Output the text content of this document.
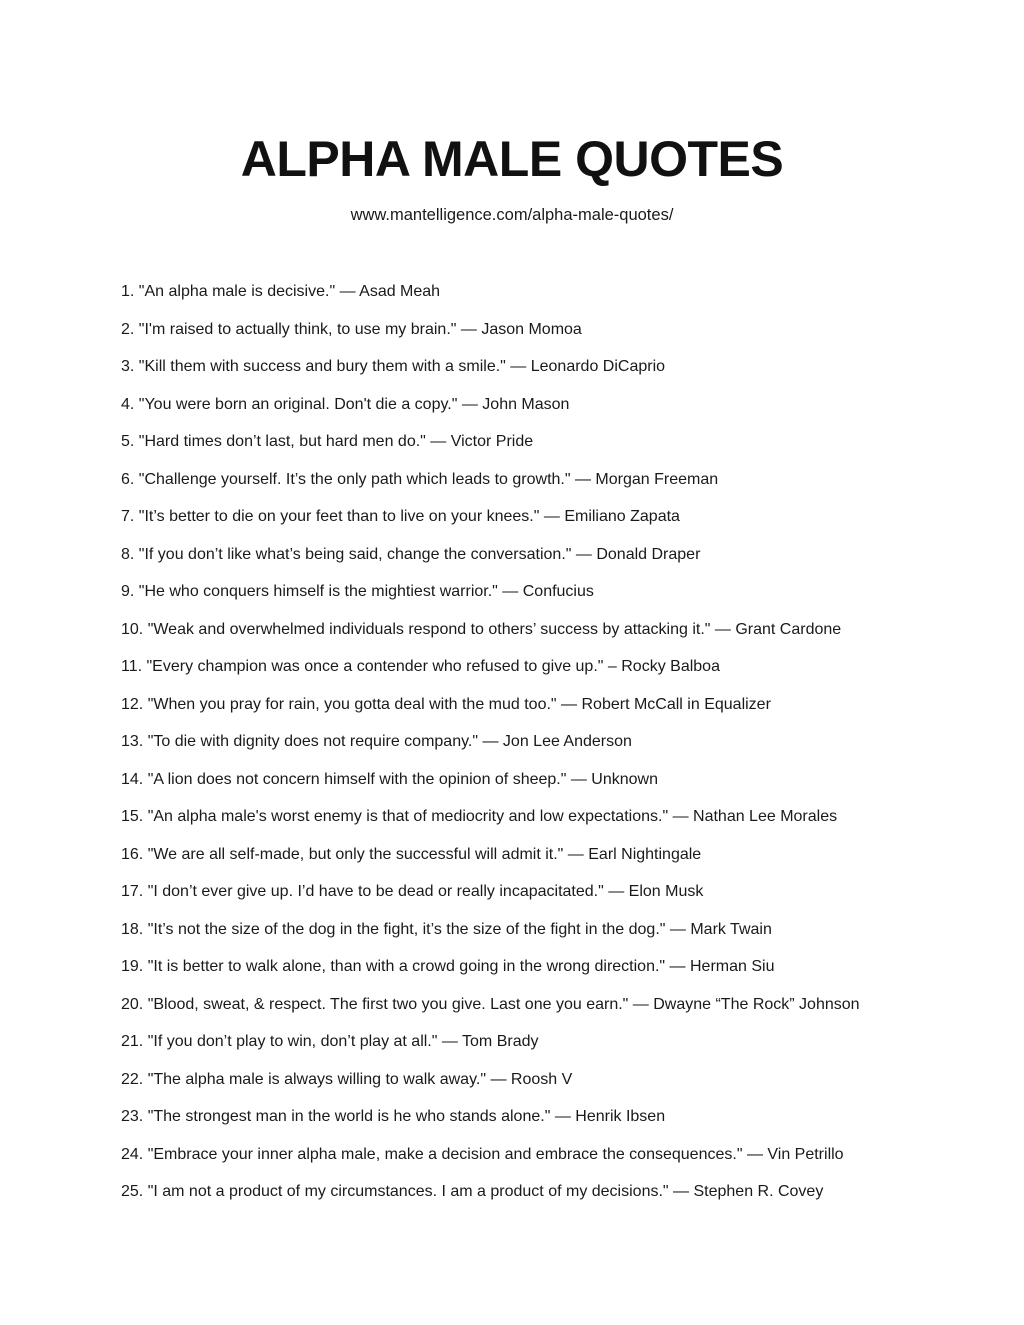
ALPHA MALE QUOTES
www.mantelligence.com/alpha-male-quotes/
1. "An alpha male is decisive." — Asad Meah
2. "I'm raised to actually think, to use my brain." — Jason Momoa
3. "Kill them with success and bury them with a smile." — Leonardo DiCaprio
4. "You were born an original. Don't die a copy." — John Mason
5. "Hard times don’t last, but hard men do." — Victor Pride
6. "Challenge yourself. It’s the only path which leads to growth." — Morgan Freeman
7. "It’s better to die on your feet than to live on your knees." — Emiliano Zapata
8. "If you don’t like what’s being said, change the conversation." — Donald Draper
9. "He who conquers himself is the mightiest warrior." — Confucius
10. "Weak and overwhelmed individuals respond to others’ success by attacking it." — Grant Cardone
11. "Every champion was once a contender who refused to give up." – Rocky Balboa
12. "When you pray for rain, you gotta deal with the mud too." — Robert McCall in Equalizer
13. "To die with dignity does not require company." — Jon Lee Anderson
14. "A lion does not concern himself with the opinion of sheep." — Unknown
15. "An alpha male's worst enemy is that of mediocrity and low expectations." — Nathan Lee Morales
16. "We are all self-made, but only the successful will admit it." — Earl Nightingale
17. "I don’t ever give up. I’d have to be dead or really incapacitated." — Elon Musk
18. "It’s not the size of the dog in the fight, it’s the size of the fight in the dog." — Mark Twain
19. "It is better to walk alone, than with a crowd going in the wrong direction." — Herman Siu
20. "Blood, sweat, & respect. The first two you give. Last one you earn." — Dwayne “The Rock” Johnson
21. "If you don’t play to win, don’t play at all." — Tom Brady
22. "The alpha male is always willing to walk away." — Roosh V
23. "The strongest man in the world is he who stands alone." — Henrik Ibsen
24. "Embrace your inner alpha male, make a decision and embrace the consequences." — Vin Petrillo
25. "I am not a product of my circumstances. I am a product of my decisions." — Stephen R. Covey
